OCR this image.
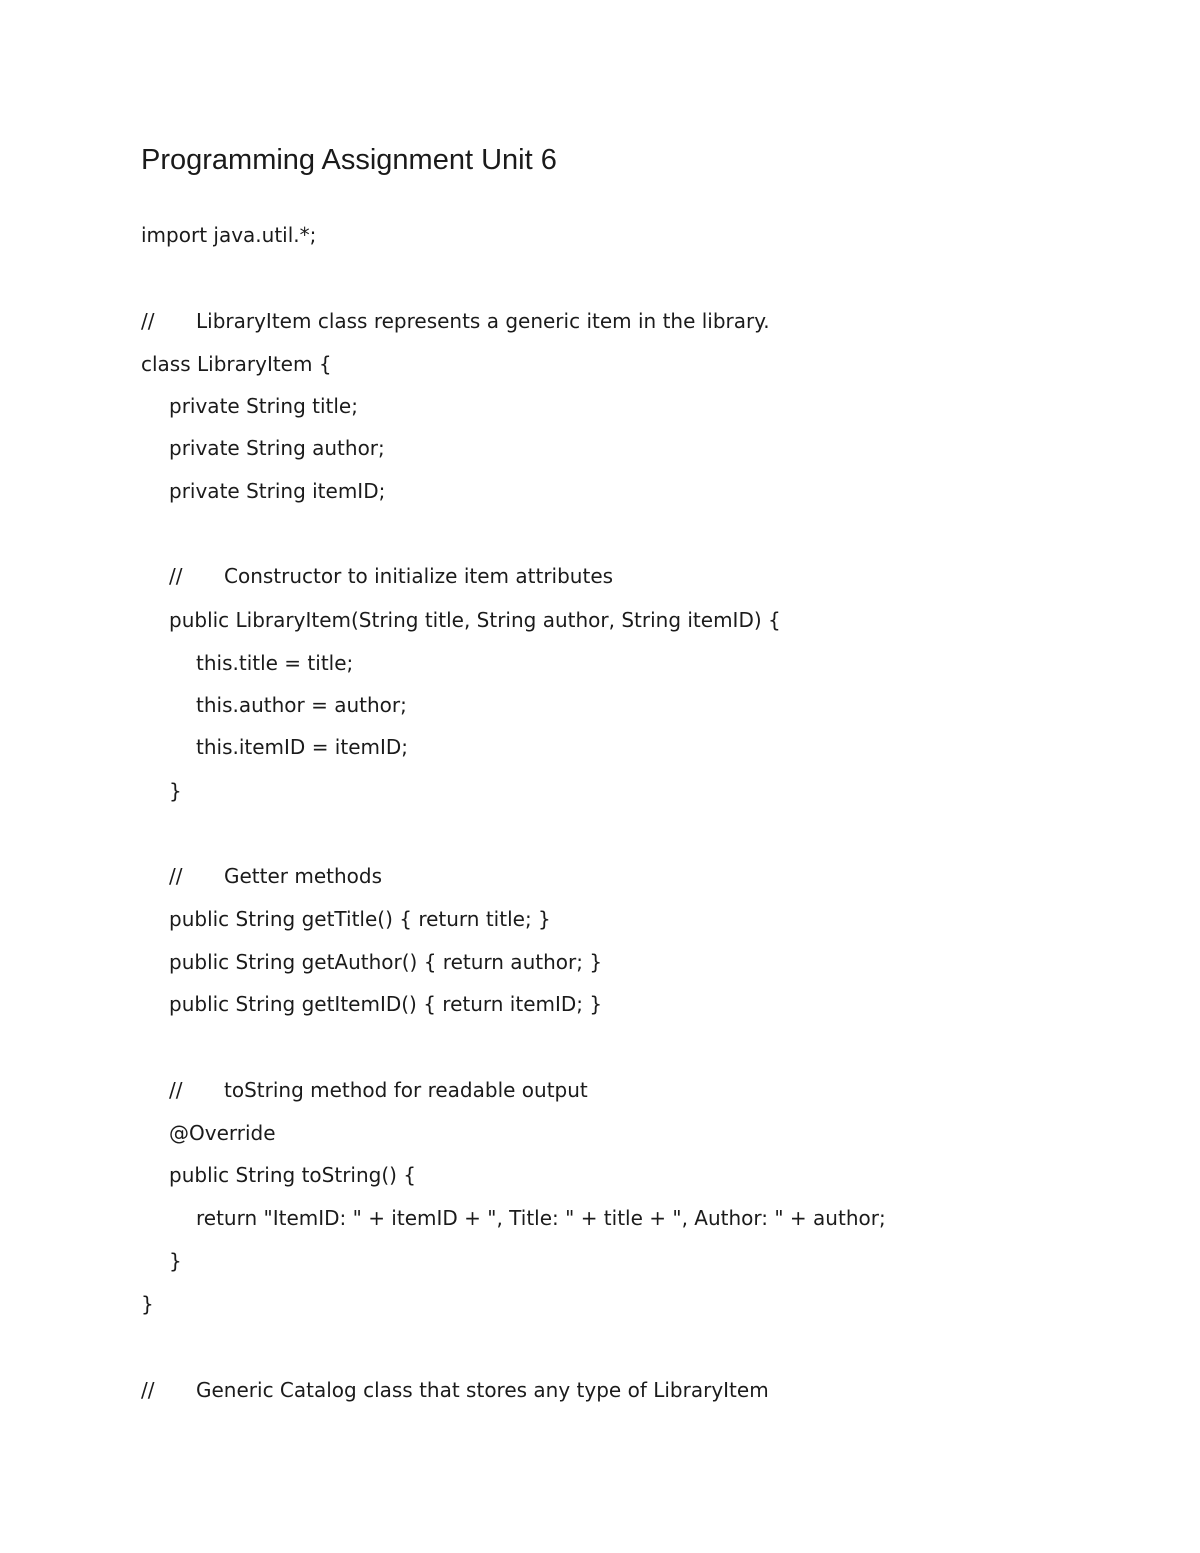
Programming Assignment Unit 6
import java.util.*;
// LibraryItem class represents a generic item in the library.
class LibraryItem {
private String title;
private String author;
private String itemID;
// Constructor to initialize item attributes
public LibraryItem(String title, String author, String itemID) {
this.title = title;
this.author = author;
this.itemID = itemID;
}
// Getter methods
public String getTitle() { return title; }
public String getAuthor() { return author; }
public String getItemID() { return itemID; }
// toString method for readable output
@Override
public String toString() {
return "ItemID: " + itemID + ", Title: " + title + ", Author: " + author;
}
}
// Generic Catalog class that stores any type of LibraryItem
